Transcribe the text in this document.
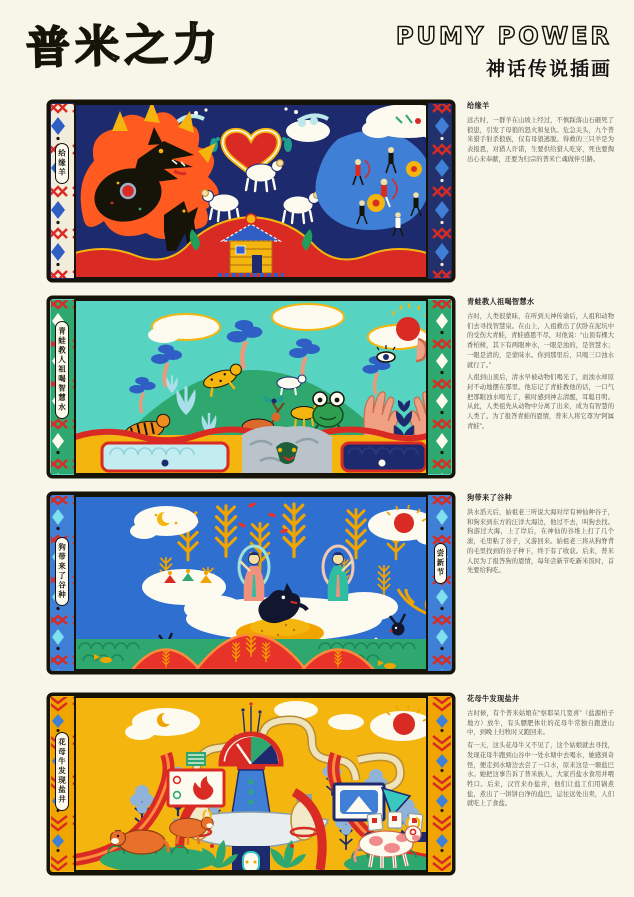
普米之力	PUMY POWER
神话传说插画
给缘羊
给缘羊

远古时，一群羊在山坡上经过，不慎踩落山石砸死了狼崽，引发了母狼的怒火和复仇。危急关头，九个普米猎手射杀狼族，仅有母狼逃脱。得救的三只羊是为表报恩，对猎人许诺，生要供给猎人吃穿，死也要掏出心来奉献，还要为归宗的普米亡魂做伴引路。

青蛙教人祖喝智慧水
青蛙教人祖喝智慧水

古时，人类很蒙昧，在听到天神传谕后，人祖和动物们去寻找智慧泉。在山上，人祖救出了伏卧在泥坑中的受伤大青蛙，青蛙感恩不尽，对他说：“山顶有棵大香柏树，其下有两眼神水，一眼是浊的，是智慧水；一眼是清的，是蒙昧水。你到那里后，只喝三口浊水就行了。”

人祖到山顶后，清水早被动物们喝光了，而浊水却原封不动地摆在那里。他忘记了青蛙教他的话，一口气把那眼浊水喝光了，顿时感到神志清醒，耳聪目明。从此，人类祖先从动物中分离了出来，成为有智慧的人类了。为了报答青蛙的恩情，普米人将它尊为“阿属青蛙”。

狗带来了谷种	尝新节
狗带来了谷种

洪水滔天后，始祖老三听说大海对岸有神仙种谷子，和狗来到东方的汪洋大海边，他过不去，叫狗去找。狗游过大海，上了岸后，在神仙的谷堆上打了几个滚，毛里粘了谷子，又游回来。始祖老三将从狗脊背的毛里找到的谷子种下，终于有了收获。后来，普米人民为了报答狗的恩情，每年尝新节吃新米饭时，首先要给狗吃。

花母牛发现盐井
花母牛发现盐井

古时候，有个普米姑娘在“察耶呆几宽喜”（盐源柏子地方）放牛，有头膘肥体壮的花母牛常独自跑进山中，到晚上归牧时又跑回来。

有一天，这头花母牛又不见了，这个姑娘就去寻找，发现花母牛跑到山谷中一处水塘中去喝水，她感到奇怪，便走到水塘边去尝了一口水，原来这是一塘盐巴水。她把这事告诉了普米族人，大家舀盐水食用并喂牲口。后来，汉官来办盐井，他们让盐工们用锅煮盐，煮出了一饼饼白净的盐巴，运往远处出卖，人们就吃上了食盐。
